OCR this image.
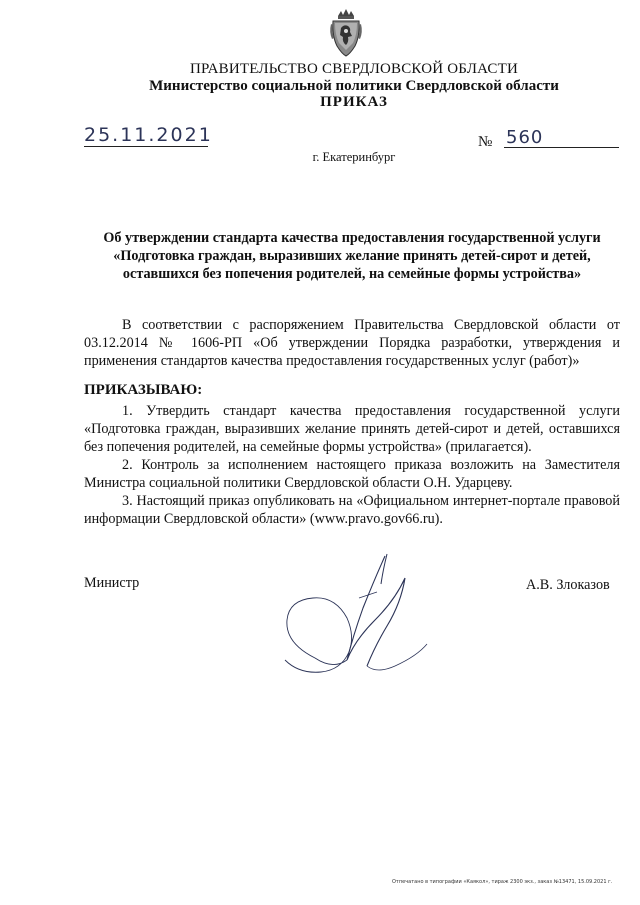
ПРАВИТЕЛЬСТВО СВЕРДЛОВСКОЙ ОБЛАСТИ
Министерство социальной политики Свердловской области
ПРИКАЗ
25.11.2021	№ 560
г. Екатеринбург
Об утверждении стандарта качества предоставления государственной услуги
«Подготовка граждан, выразивших желание принять детей-сирот и детей,
оставшихся без попечения родителей, на семейные формы устройства»

В соответствии с распоряжением Правительства Свердловской области от 03.12.2014 № 1606-РП «Об утверждении Порядка разработки, утверждения и применения стандартов качества предоставления государственных услуг (работ)»

ПРИКАЗЫВАЮ:

1. Утвердить стандарт качества предоставления государственной услуги «Подготовка граждан, выразивших желание принять детей-сирот и детей, оставшихся без попечения родителей, на семейные формы устройства» (прилагается).

2. Контроль за исполнением настоящего приказа возложить на Заместителя Министра социальной политики Свердловской области О.Н. Ударцеву.

3. Настоящий приказ опубликовать на «Официальном интернет-портале правовой информации Свердловской области» (www.pravo.gov66.ru).

Министр	А.В. Злоказов
Отпечатано в типографии «Каякол», тираж 2300 экз., заказ №13471, 15.09.2021 г.
